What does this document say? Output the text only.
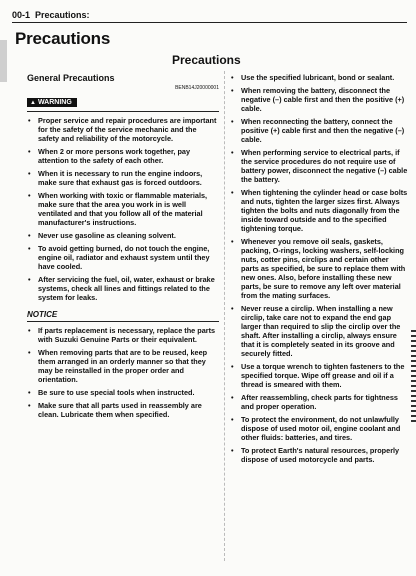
00-1 Precautions:
Precautions
Precautions
General Precautions
BENB14J20000001
▲ WARNING
• Proper service and repair procedures are important for the safety of the service mechanic and the safety and reliability of the motorcycle.
• When 2 or more persons work together, pay attention to the safety of each other.
• When it is necessary to run the engine indoors, make sure that exhaust gas is forced outdoors.
• When working with toxic or flammable materials, make sure that the area you work in is well ventilated and that you follow all of the material manufacturer's instructions.
• Never use gasoline as cleaning solvent.
• To avoid getting burned, do not touch the engine, engine oil, radiator and exhaust system until they have cooled.
• After servicing the fuel, oil, water, exhaust or brake systems, check all lines and fittings related to the system for leaks.
NOTICE
• If parts replacement is necessary, replace the parts with Suzuki Genuine Parts or their equivalent.
• When removing parts that are to be reused, keep them arranged in an orderly manner so that they may be reinstalled in the proper order and orientation.
• Be sure to use special tools when instructed.
• Make sure that all parts used in reassembly are clean. Lubricate them when specified.
• Use the specified lubricant, bond or sealant.
• When removing the battery, disconnect the negative (–) cable first and then the positive (+) cable.
• When reconnecting the battery, connect the positive (+) cable first and then the negative (–) cable.
• When performing service to electrical parts, if the service procedures do not require use of battery power, disconnect the negative (–) cable the battery.
• When tightening the cylinder head or case bolts and nuts, tighten the larger sizes first. Always tighten the bolts and nuts diagonally from the inside toward outside and to the specified tightening torque.
• Whenever you remove oil seals, gaskets, packing, O-rings, locking washers, self-locking nuts, cotter pins, circlips and certain other parts as specified, be sure to replace them with new ones. Also, before installing these new parts, be sure to remove any left over material from the mating surfaces.
• Never reuse a circlip. When installing a new circlip, take care not to expand the end gap larger than required to slip the circlip over the shaft. After installing a circlip, always ensure that it is completely seated in its groove and securely fitted.
• Use a torque wrench to tighten fasteners to the specified torque. Wipe off grease and oil if a thread is smeared with them.
• After reassembling, check parts for tightness and proper operation.
• To protect the environment, do not unlawfully dispose of used motor oil, engine coolant and other fluids: batteries, and tires.
• To protect Earth's natural resources, properly dispose of used motorcycle and parts.
